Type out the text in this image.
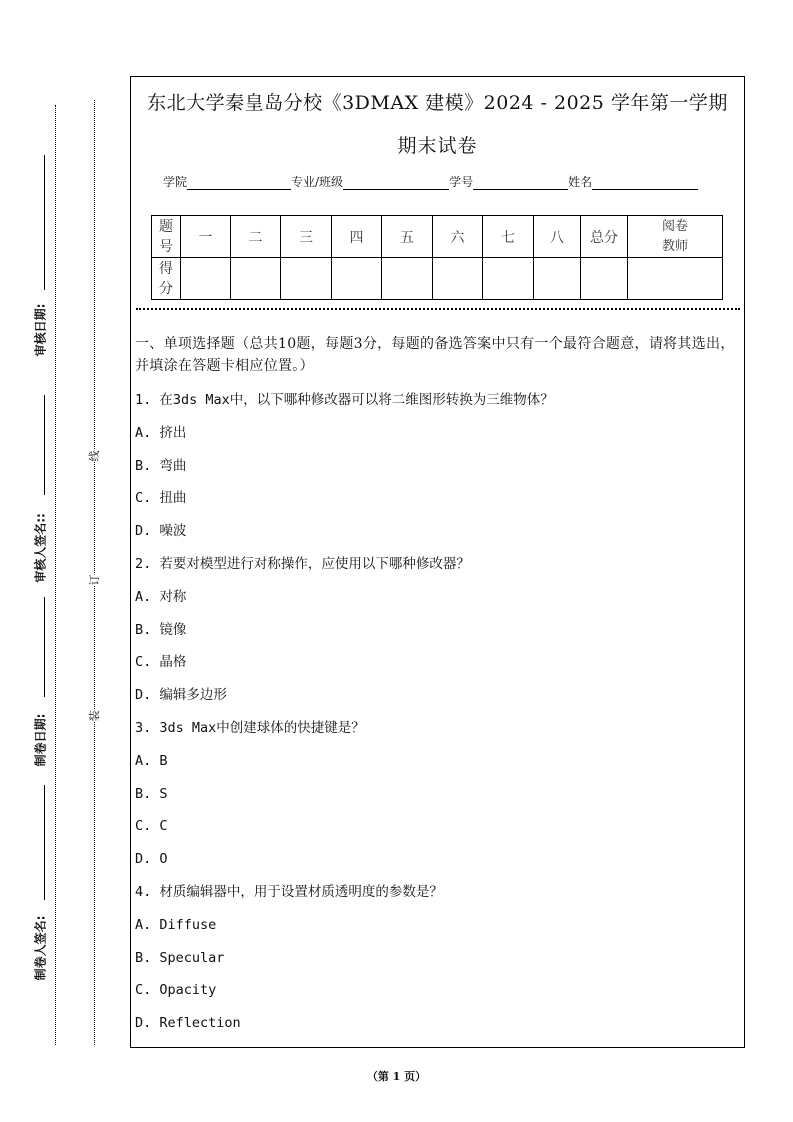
审核日期:
审核人签名::
制卷日期:
制卷人签名:
线
订
装
东北大学秦皇岛分校《3DMAX 建模》2024 - 2025 学年第一学期
期末试卷
学院	专业/班级	学号	姓名
题
号	一	二	三	四	五	六	七	八	总分	阅卷
教师
得
分										
一、单项选择题（总共10题，每题3分，每题的备选答案中只有一个最符合题意，请将其选出，并填涂在答题卡相应位置。）
1. 在3ds Max中，以下哪种修改器可以将二维图形转换为三维物体？
A. 挤出
B. 弯曲
C. 扭曲
D. 噪波
2. 若要对模型进行对称操作，应使用以下哪种修改器？
A. 对称
B. 镜像
C. 晶格
D. 编辑多边形
3. 3ds Max中创建球体的快捷键是？
A. B
B. S
C. C
D. O
4. 材质编辑器中，用于设置材质透明度的参数是？
A. Diffuse
B. Specular
C. Opacity
D. Reflection
（第 1 页）
